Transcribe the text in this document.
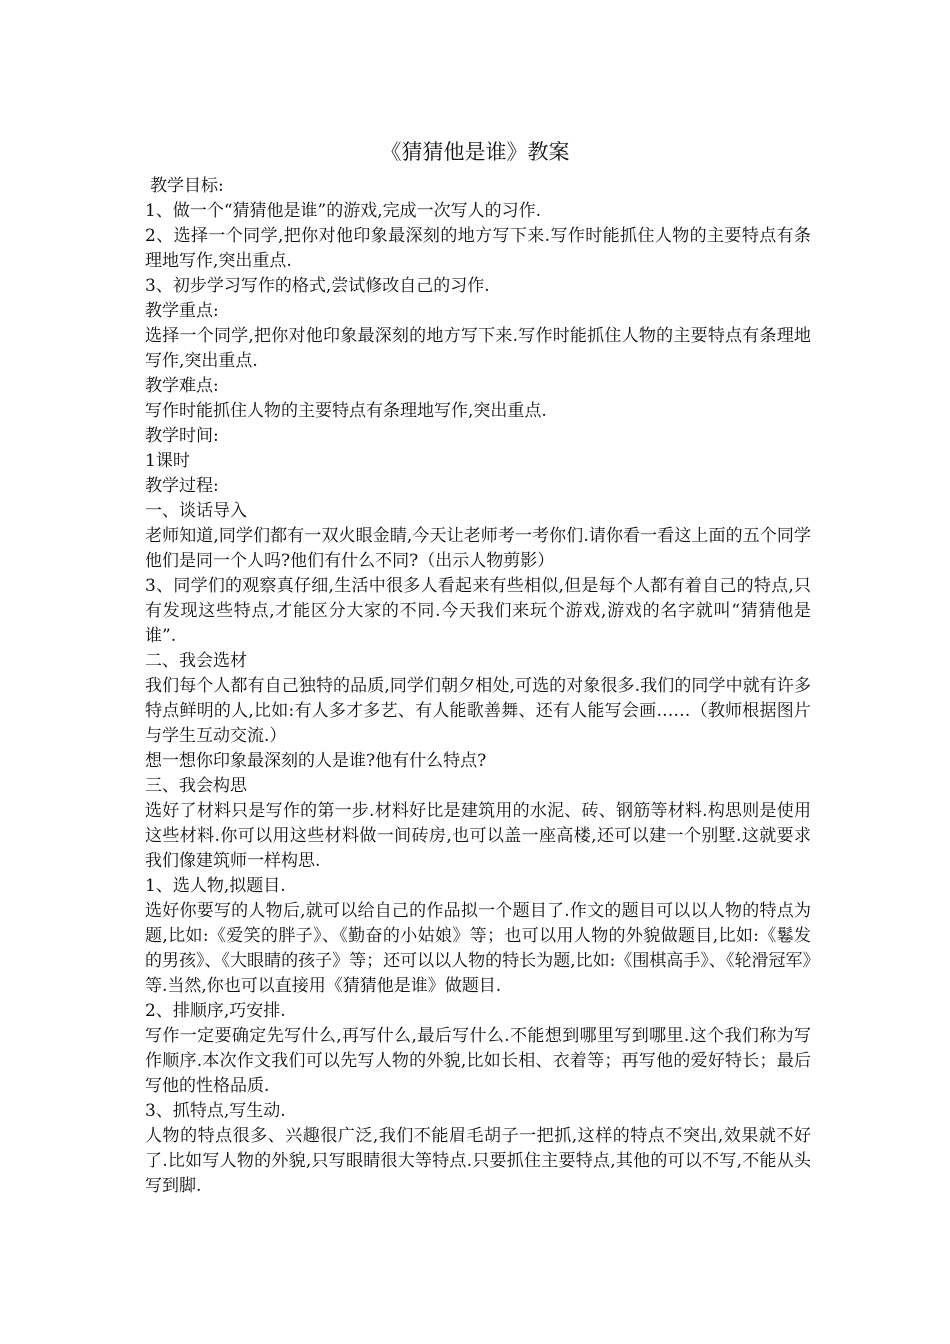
《猜猜他是谁》教案

教学目标:

1、做一个“猜猜他是谁”的游戏,完成一次写人的习作.

2、选择一个同学,把你对他印象最深刻的地方写下来.写作时能抓住人物的主要特点有条理地写作,突出重点.

3、初步学习写作的格式,尝试修改自己的习作.

教学重点:

选择一个同学,把你对他印象最深刻的地方写下来.写作时能抓住人物的主要特点有条理地写作,突出重点.

教学难点:

写作时能抓住人物的主要特点有条理地写作,突出重点.

教学时间:

1课时

教学过程:

一、谈话导入

老师知道,同学们都有一双火眼金睛,今天让老师考一考你们.请你看一看这上面的五个同学他们是同一个人吗?他们有什么不同?（出示人物剪影）

3、同学们的观察真仔细,生活中很多人看起来有些相似,但是每个人都有着自己的特点,只有发现这些特点,才能区分大家的不同.今天我们来玩个游戏,游戏的名字就叫“猜猜他是谁”.

二、我会选材

我们每个人都有自己独特的品质,同学们朝夕相处,可选的对象很多.我们的同学中就有许多特点鲜明的人,比如:有人多才多艺、有人能歌善舞、还有人能写会画……（教师根据图片与学生互动交流.）

想一想你印象最深刻的人是谁?他有什么特点?

三、我会构思

选好了材料只是写作的第一步.材料好比是建筑用的水泥、砖、钢筋等材料.构思则是使用这些材料.你可以用这些材料做一间砖房,也可以盖一座高楼,还可以建一个别墅.这就要求我们像建筑师一样构思.

1、选人物,拟题目.

选好你要写的人物后,就可以给自己的作品拟一个题目了.作文的题目可以以人物的特点为题,比如:《爱笑的胖子》、《勤奋的小姑娘》等；也可以用人物的外貌做题目,比如:《鬈发的男孩》、《大眼睛的孩子》等；还可以以人物的特长为题,比如:《围棋高手》、《轮滑冠军》等.当然,你也可以直接用《猜猜他是谁》做题目.

2、排顺序,巧安排.

写作一定要确定先写什么,再写什么,最后写什么.不能想到哪里写到哪里.这个我们称为写作顺序.本次作文我们可以先写人物的外貌,比如长相、衣着等；再写他的爱好特长；最后写他的性格品质.

3、抓特点,写生动.

人物的特点很多、兴趣很广泛,我们不能眉毛胡子一把抓,这样的特点不突出,效果就不好了.比如写人物的外貌,只写眼睛很大等特点.只要抓住主要特点,其他的可以不写,不能从头写到脚.
